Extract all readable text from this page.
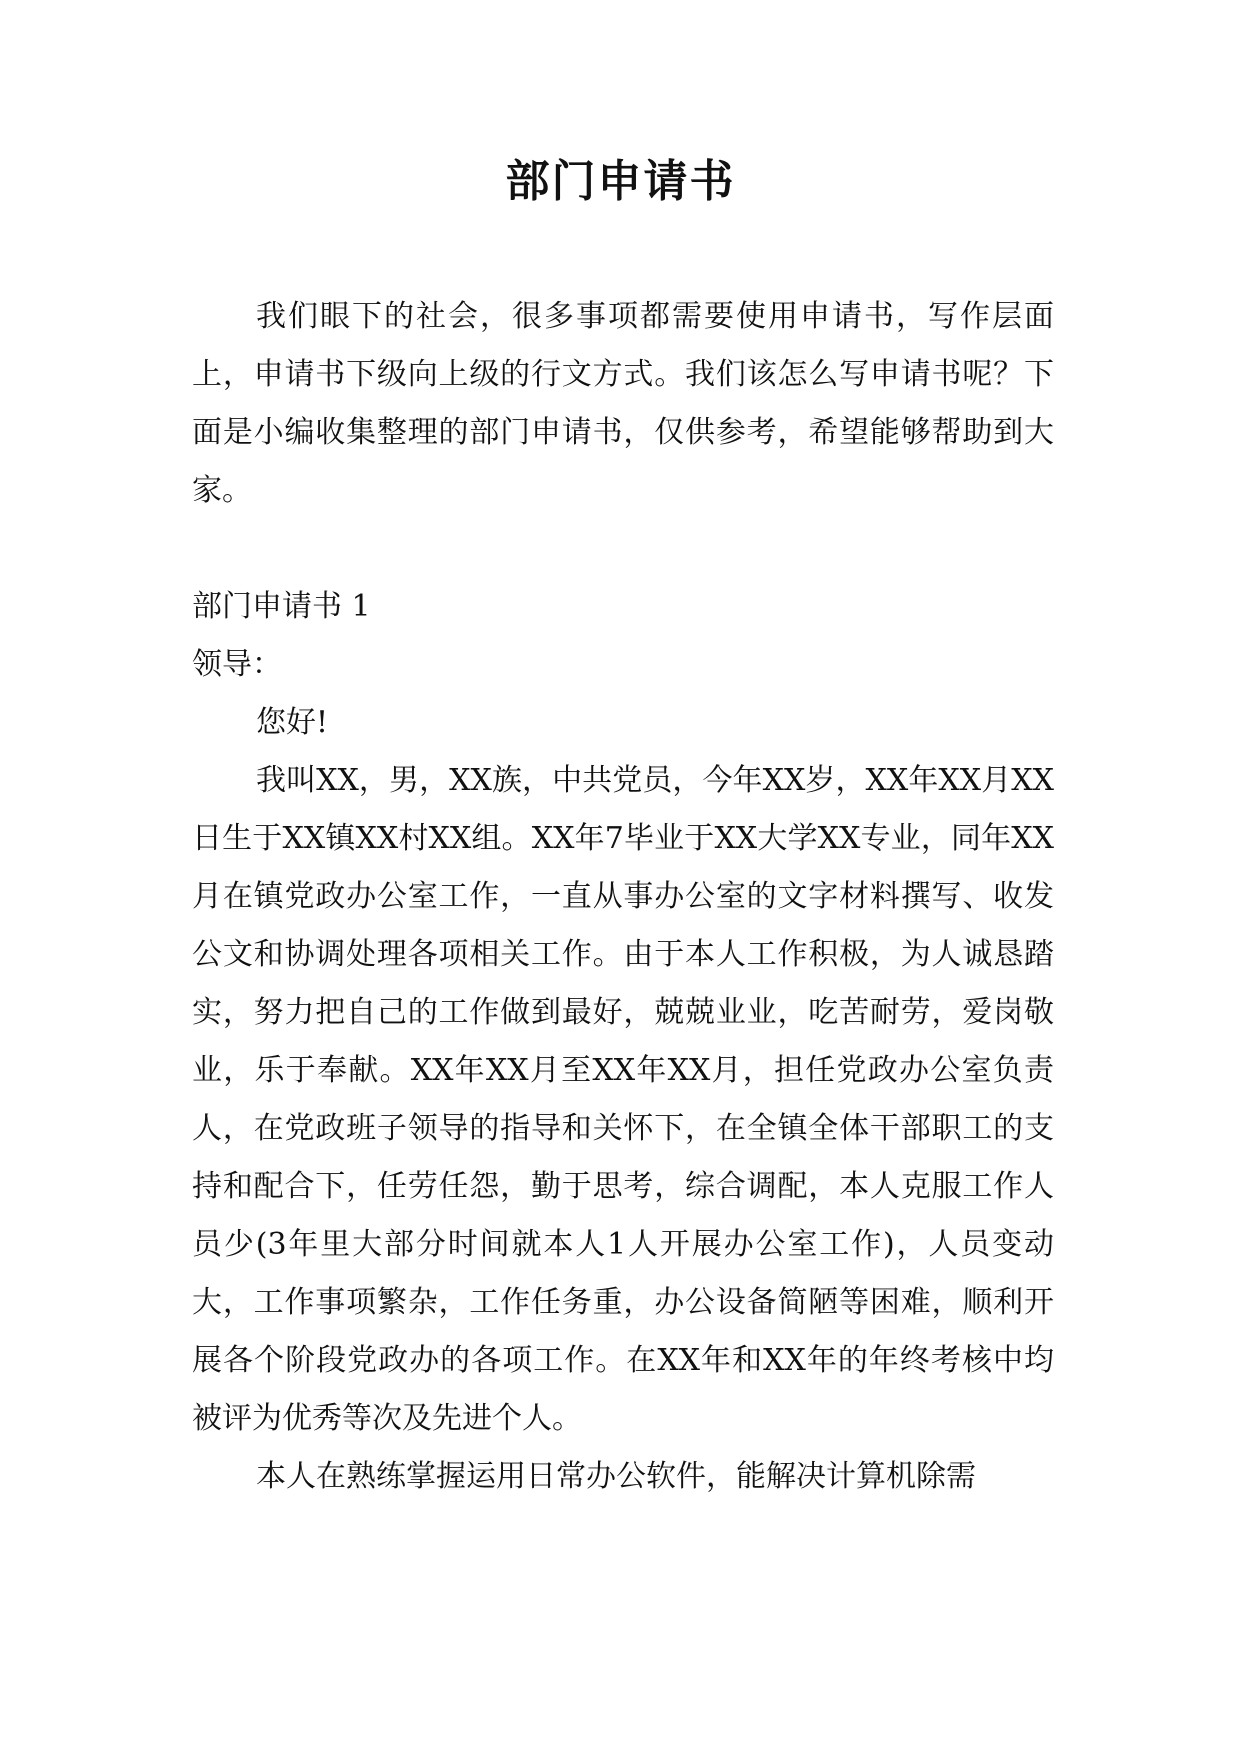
部门申请书

我们眼下的社会，很多事项都需要使用申请书，写作层面上，申请书下级向上级的行文方式。我们该怎么写申请书呢？下面是小编收集整理的部门申请书，仅供参考，希望能够帮助到大家。

部门申请书 1

领导：

您好!

我叫XX，男，XX族，中共党员，今年XX岁，XX年XX月XX日生于XX镇XX村XX组。XX年7毕业于XX大学XX专业，同年XX月在镇党政办公室工作，一直从事办公室的文字材料撰写、收发公文和协调处理各项相关工作。由于本人工作积极，为人诚恳踏实，努力把自己的工作做到最好，兢兢业业，吃苦耐劳，爱岗敬业，乐于奉献。XX年XX月至XX年XX月，担任党政办公室负责人，在党政班子领导的指导和关怀下，在全镇全体干部职工的支持和配合下，任劳任怨，勤于思考，综合调配，本人克服工作人员少(3年里大部分时间就本人1人开展办公室工作)，人员变动大，工作事项繁杂，工作任务重，办公设备简陋等困难，顺利开展各个阶段党政办的各项工作。在XX年和XX年的年终考核中均被评为优秀等次及先进个人。

本人在熟练掌握运用日常办公软件，能解决计算机除需
